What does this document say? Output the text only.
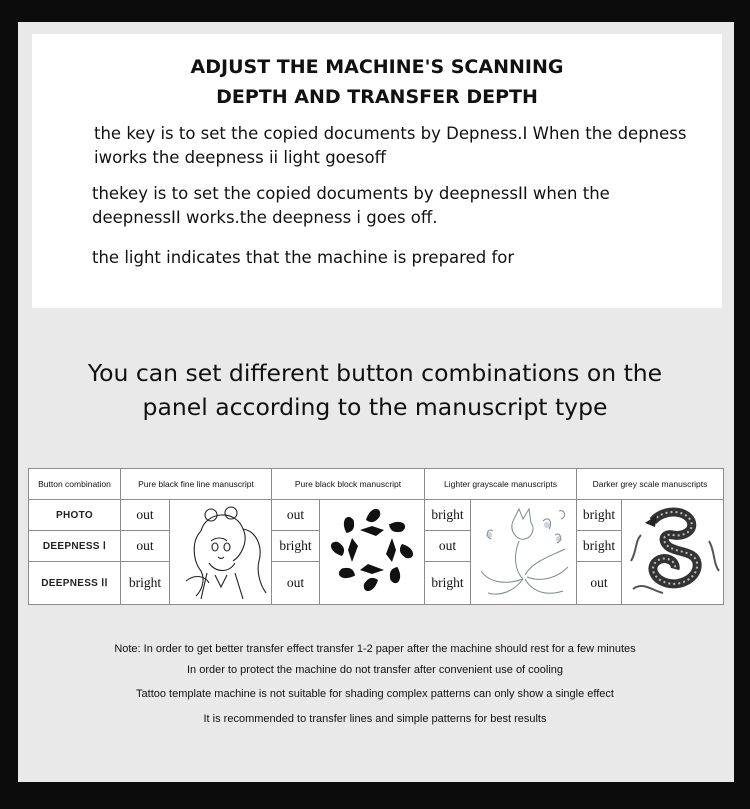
ADJUST THE MACHINE'S SCANNING
DEPTH AND TRANSFER DEPTH
the key is to set the copied documents by Depness.I When the depness iworks the deepness ii light goesoff
thekey is to set the copied documents by deepnessII when the deepnessII works.the deepness i goes off.
the light indicates that the machine is prepared for
You can set different button combinations on the
panel according to the manuscript type
Button combination	Pure black fine line manuscript		Pure black block manuscript		Lighter grayscale manuscripts		Darker grey scale manuscripts	
PHOTO	out		out		bright		bright	
DEEPNESS Ⅰ	out		bright		out		bright	
DEEPNESS ⅠⅠ	bright		out		bright		out	
Note: In order to get better transfer effect transfer 1-2 paper after the machine should rest for a few minutes
In order to protect the machine do not transfer after convenient use of cooling
Tattoo template machine is not suitable for shading complex patterns can only show a single effect
It is recommended to transfer lines and simple patterns for best results
